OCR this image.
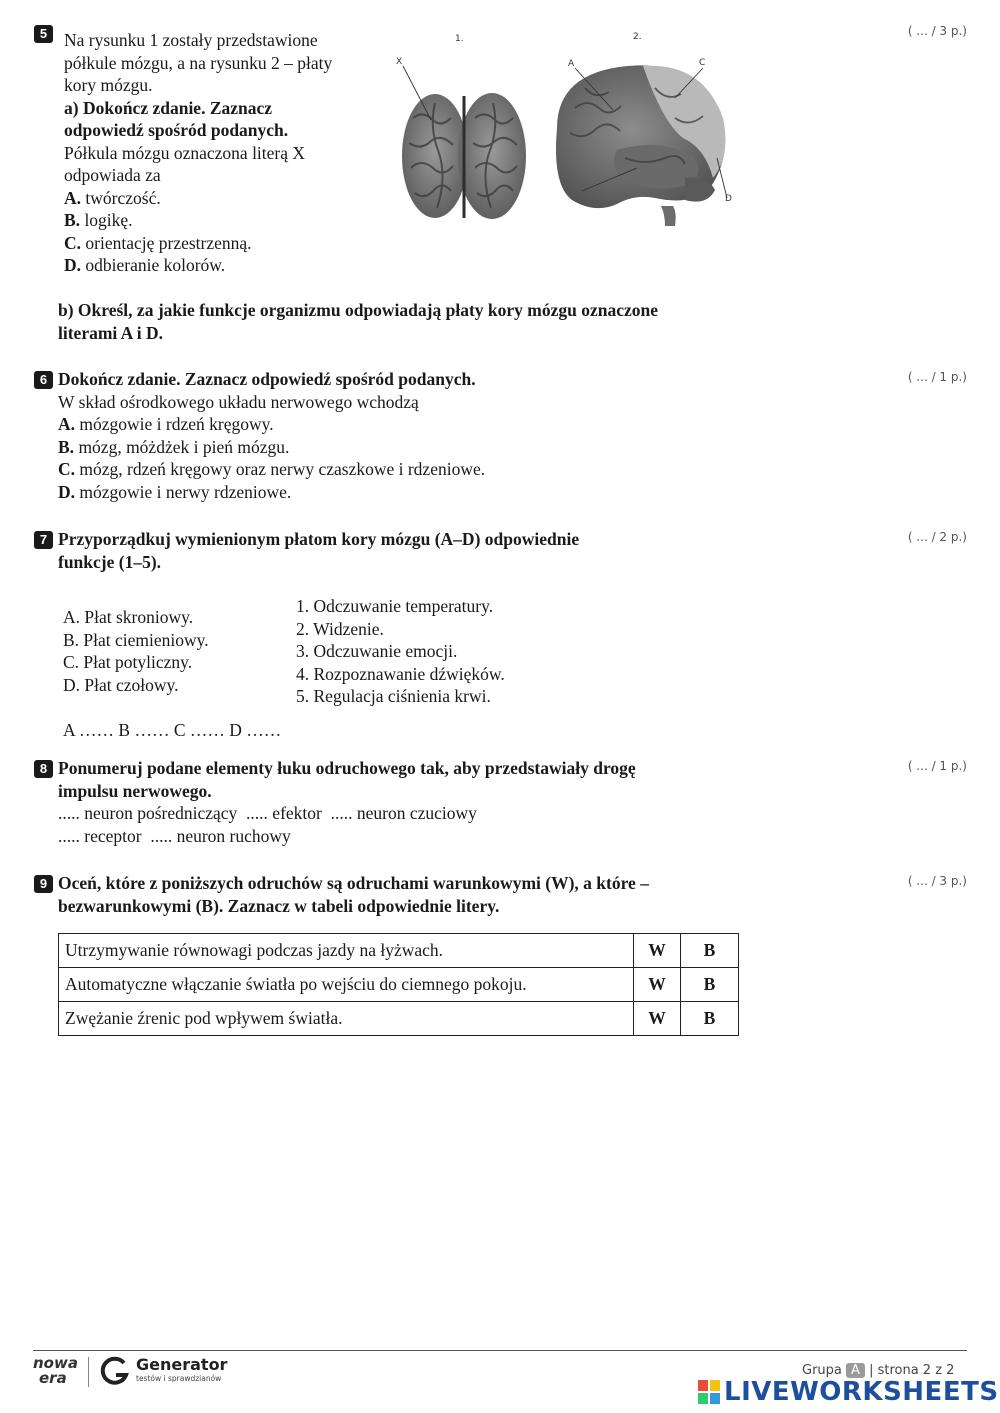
5	( ... / 3 p.)
Na rysunku 1 zostały przedstawione
półkule mózgu, a na rysunku 2 – płaty
kory mózgu.
a) Dokończ zdanie. Zaznacz
odpowiedź spośród podanych.
Półkula mózgu oznaczona literą X
odpowiada za
A. twórczość.
B. logikę.
C. orientację przestrzenną.
D. odbieranie kolorów.
1.	2.
X	A	C
D
b) Określ, za jakie funkcje organizmu odpowiadają płaty kory mózgu oznaczone
literami A i D.
6	( ... / 1 p.)
Dokończ zdanie. Zaznacz odpowiedź spośród podanych.
W skład ośrodkowego układu nerwowego wchodzą
A. mózgowie i rdzeń kręgowy.
B. mózg, móżdżek i pień mózgu.
C. mózg, rdzeń kręgowy oraz nerwy czaszkowe i rdzeniowe.
D. mózgowie i nerwy rdzeniowe.
7	( ... / 2 p.)
Przyporządkuj wymienionym płatom kory mózgu (A–D) odpowiednie
funkcje (1–5).
A. Płat skroniowy.
B. Płat ciemieniowy.
C. Płat potyliczny.
D. Płat czołowy.
1. Odczuwanie temperatury.
2. Widzenie.
3. Odczuwanie emocji.
4. Rozpoznawanie dźwięków.
5. Regulacja ciśnienia krwi.
A …… B …… C …… D ……
8	( ... / 1 p.)
Ponumeruj podane elementy łuku odruchowego tak, aby przedstawiały drogę
impulsu nerwowego.
..... neuron pośredniczący  ..... efektor  ..... neuron czuciowy
..... receptor  ..... neuron ruchowy
9	( ... / 3 p.)
Oceń, które z poniższych odruchów są odruchami warunkowymi (W), a które –
bezwarunkowymi (B). Zaznacz w tabeli odpowiednie litery.
Utrzymywanie równowagi podczas jazdy na łyżwach.	W	B
Automatyczne włączanie światła po wejściu do ciemnego pokoju.	W	B
Zwężanie źrenic pod wpływem światła.	W	B
nowa
era
Generator
testów i sprawdzianów
Grupa A | strona 2 z 2
LIVEWORKSHEETS
